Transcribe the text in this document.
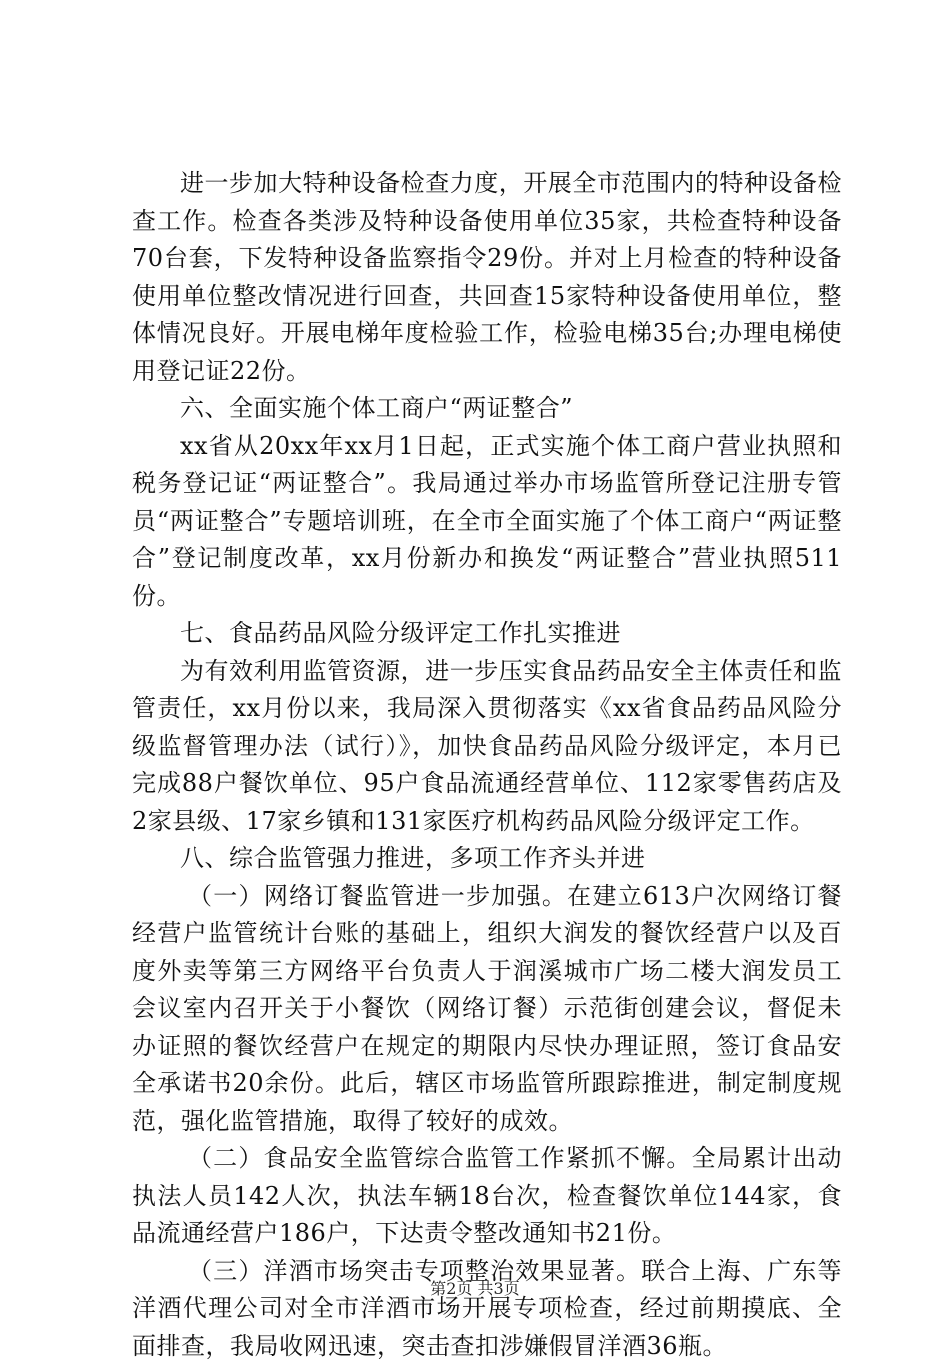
进一步加大特种设备检查力度，开展全市范围内的特种设备检查工作。检查各类涉及特种设备使用单位35家，共检查特种设备70台套，下发特种设备监察指令29份。并对上月检查的特种设备使用单位整改情况进行回查，共回查15家特种设备使用单位，整体情况良好。开展电梯年度检验工作，检验电梯35台;办理电梯使用登记证22份。

六、全面实施个体工商户“两证整合”

xx省从20xx年xx月1日起，正式实施个体工商户营业执照和税务登记证“两证整合”。我局通过举办市场监管所登记注册专管员“两证整合”专题培训班，在全市全面实施了个体工商户“两证整合”登记制度改革，xx月份新办和换发“两证整合”营业执照511份。

七、食品药品风险分级评定工作扎实推进

为有效利用监管资源，进一步压实食品药品安全主体责任和监管责任，xx月份以来，我局深入贯彻落实《xx省食品药品风险分级监督管理办法（试行）》，加快食品药品风险分级评定，本月已完成88户餐饮单位、95户食品流通经营单位、112家零售药店及2家县级、17家乡镇和131家医疗机构药品风险分级评定工作。

八、综合监管强力推进，多项工作齐头并进

（一）网络订餐监管进一步加强。在建立613户次网络订餐经营户监管统计台账的基础上，组织大润发的餐饮经营户以及百度外卖等第三方网络平台负责人于润溪城市广场二楼大润发员工会议室内召开关于小餐饮（网络订餐）示范街创建会议，督促未办证照的餐饮经营户在规定的期限内尽快办理证照，签订食品安全承诺书20余份。此后，辖区市场监管所跟踪推进，制定制度规范，强化监管措施，取得了较好的成效。

（二）食品安全监管综合监管工作紧抓不懈。全局累计出动执法人员142人次，执法车辆18台次，检查餐饮单位144家，食品流通经营户186户，下达责令整改通知书21份。

（三）洋酒市场突击专项整治效果显著。联合上海、广东等洋酒代理公司对全市洋酒市场开展专项检查，经过前期摸底、全面排查，我局收网迅速，突击查扣涉嫌假冒洋酒36瓶。

第2页 共3页
